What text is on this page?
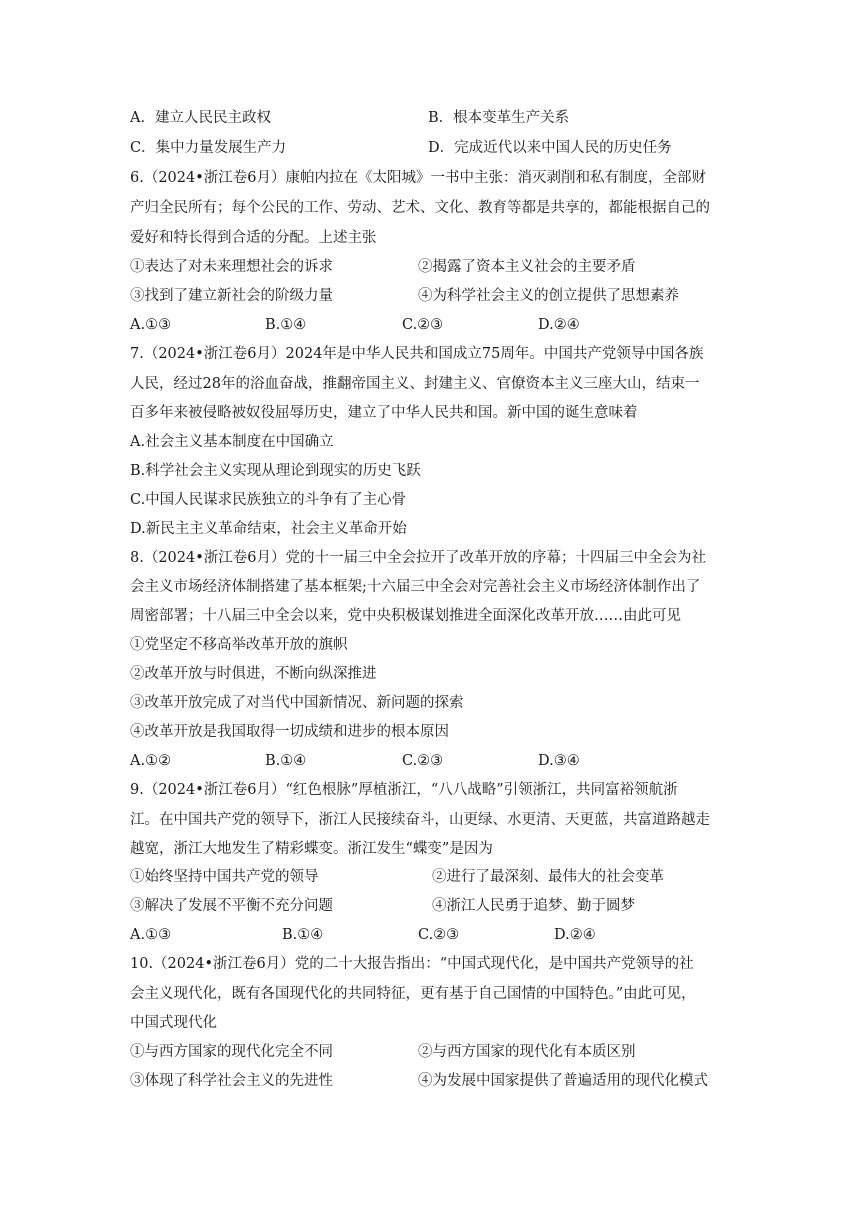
A．建立人民民主政权	B．根本变革生产关系
C．集中力量发展生产力	D．完成近代以来中国人民的历史任务
6.（2024•浙江卷6月）康帕内拉在《太阳城》一书中主张：消灭剥削和私有制度，全部财
产归全民所有；每个公民的工作、劳动、艺术、文化、教育等都是共享的，都能根据自己的
爱好和特长得到合适的分配。上述主张
①表达了对未来理想社会的诉求	②揭露了资本主义社会的主要矛盾
③找到了建立新社会的阶级力量	④为科学社会主义的创立提供了思想素养
A.①③	B.①④	C.②③	D.②④
7.（2024•浙江卷6月）2024年是中华人民共和国成立75周年。中国共产党领导中国各族
人民，经过28年的浴血奋战，推翻帝国主义、封建主义、官僚资本主义三座大山，结束一
百多年来被侵略被奴役屈辱历史，建立了中华人民共和国。新中国的诞生意味着
A.社会主义基本制度在中国确立
B.科学社会主义实现从理论到现实的历史飞跃
C.中国人民谋求民族独立的斗争有了主心骨
D.新民主主义革命结束，社会主义革命开始
8.（2024•浙江卷6月）党的十一届三中全会拉开了改革开放的序幕；十四届三中全会为社
会主义市场经济体制搭建了基本框架;十六届三中全会对完善社会主义市场经济体制作出了
周密部署；十八届三中全会以来，党中央积极谋划推进全面深化改革开放……由此可见
①党坚定不移高举改革开放的旗帜
②改革开放与时俱进，不断向纵深推进
③改革开放完成了对当代中国新情况、新问题的探索
④改革开放是我国取得一切成绩和进步的根本原因
A.①②	B.①④	C.②③	D.③④
9.（2024•浙江卷6月）“红色根脉”厚植浙江，“八八战略”引领浙江，共同富裕领航浙
江。在中国共产党的领导下，浙江人民接续奋斗，山更绿、水更清、天更蓝，共富道路越走
越宽，浙江大地发生了精彩蝶变。浙江发生“蝶变”是因为
①始终坚持中国共产党的领导	②进行了最深刻、最伟大的社会变革
③解决了发展不平衡不充分问题	④浙江人民勇于追梦、勤于圆梦
A.①③	B.①④	C.②③	D.②④
10.（2024•浙江卷6月）党的二十大报告指出：“中国式现代化，是中国共产党领导的社
会主义现代化，既有各国现代化的共同特征，更有基于自己国情的中国特色。”由此可见，
中国式现代化
①与西方国家的现代化完全不同	②与西方国家的现代化有本质区别
③体现了科学社会主义的先进性	④为发展中国家提供了普遍适用的现代化模式
